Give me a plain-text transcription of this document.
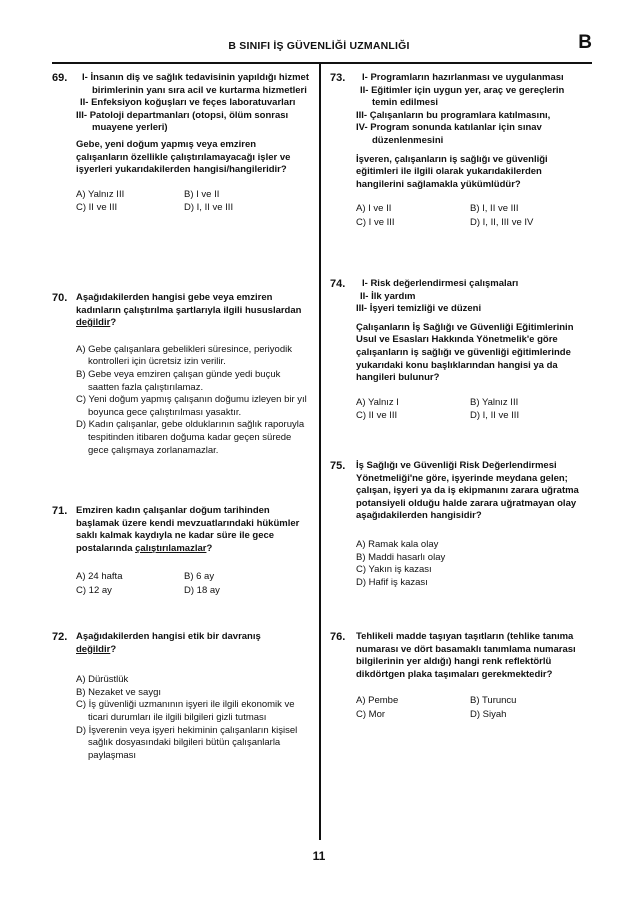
B SINIFI İŞ GÜVENLİĞİ UZMANLIĞI	B
69. I- İnsanın diş ve sağlık tedavisinin yapıldığı hizmet birimlerinin yanı sıra acil ve kurtarma hizmetleri
II- Enfeksiyon koğuşları ve feçes laboratuvarları
III- Patoloji departmanları (otopsi, ölüm sonrası muayene yerleri)
Gebe, yeni doğum yapmış veya emziren çalışanların özellikle çalıştırılamayacağı işler ve işyerleri yukarıdakilerden hangisi/hangileridir?
A) Yalnız III	B) I ve II
C) II ve III	D) I, II ve III
70. Aşağıdakilerden hangisi gebe veya emziren kadınların çalıştırılma şartlarıyla ilgili hususlardan değildir?
A) Gebe çalışanlara gebelikleri süresince, periyodik kontrolleri için ücretsiz izin verilir.
B) Gebe veya emziren çalışan günde yedi buçuk saatten fazla çalıştırılamaz.
C) Yeni doğum yapmış çalışanın doğumu izleyen bir yıl boyunca gece çalıştırılması yasaktır.
D) Kadın çalışanlar, gebe olduklarının sağlık raporuyla tespitinden itibaren doğuma kadar geçen sürede gece çalışmaya zorlanamazlar.
71. Emziren kadın çalışanlar doğum tarihinden başlamak üzere kendi mevzuatlarındaki hükümler saklı kalmak kaydıyla ne kadar süre ile gece postalarında çalıştırılamazlar?
A) 24 hafta	B) 6 ay
C) 12 ay	D) 18 ay
72. Aşağıdakilerden hangisi etik bir davranış
değildir?
A) Dürüstlük
B) Nezaket ve saygı
C) İş güvenliği uzmanının işyeri ile ilgili ekonomik ve ticari durumları ile ilgili bilgileri gizli tutması
D) İşverenin veya işyeri hekiminin çalışanların kişisel sağlık dosyasındaki bilgileri bütün çalışanlarla paylaşması
73. I- Programların hazırlanması ve uygulanması
II- Eğitimler için uygun yer, araç ve gereçlerin temin edilmesi
III- Çalışanların bu programlara katılmasını,
IV- Program sonunda katılanlar için sınav düzenlenmesini
İşveren, çalışanların iş sağlığı ve güvenliği eğitimleri ile ilgili olarak yukarıdakilerden hangilerini sağlamakla yükümlüdür?
A) I ve II	B) I, II ve III
C) I ve III	D) I, II, III ve IV
74. I- Risk değerlendirmesi çalışmaları
II- İlk yardım
III- İşyeri temizliği ve düzeni
Çalışanların İş Sağlığı ve Güvenliği Eğitimlerinin Usul ve Esasları Hakkında Yönetmelik'e göre çalışanların iş sağlığı ve güvenliği eğitimlerinde yukarıdaki konu başlıklarından hangisi ya da hangileri bulunur?
A) Yalnız I	B) Yalnız III
C) II ve III	D) I, II ve III
75. İş Sağlığı ve Güvenliği Risk Değerlendirmesi Yönetmeliği'ne göre, işyerinde meydana gelen; çalışan, işyeri ya da iş ekipmanını zarara uğratma potansiyeli olduğu halde zarara uğratmayan olay aşağıdakilerden hangisidir?
A) Ramak kala olay
B) Maddi hasarlı olay
C) Yakın iş kazası
D) Hafif iş kazası
76. Tehlikeli madde taşıyan taşıtların (tehlike tanıma numarası ve dört basamaklı tanımlama numarası bilgilerinin yer aldığı) hangi renk reflektörlü dikdörtgen plaka taşımaları gerekmektedir?
A) Pembe	B) Turuncu
C) Mor	D) Siyah
11
